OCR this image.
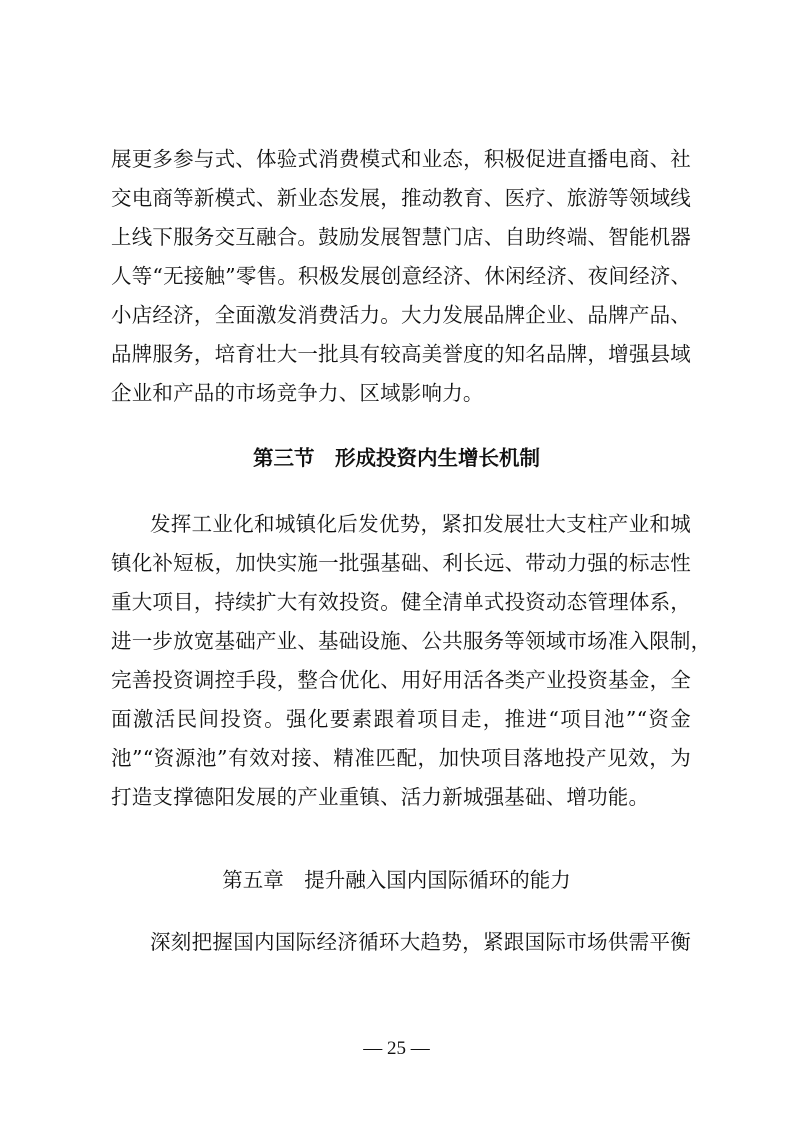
展更多参与式、体验式消费模式和业态，积极促进直播电商、社
交电商等新模式、新业态发展，推动教育、医疗、旅游等领域线
上线下服务交互融合。鼓励发展智慧门店、自助终端、智能机器
人等“无接触”零售。积极发展创意经济、休闲经济、夜间经济、
小店经济，全面激发消费活力。大力发展品牌企业、品牌产品、
品牌服务，培育壮大一批具有较高美誉度的知名品牌，增强县域
企业和产品的市场竞争力、区域影响力。
第三节　形成投资内生增长机制
发挥工业化和城镇化后发优势，紧扣发展壮大支柱产业和城
镇化补短板，加快实施一批强基础、利长远、带动力强的标志性
重大项目，持续扩大有效投资。健全清单式投资动态管理体系，
进一步放宽基础产业、基础设施、公共服务等领域市场准入限制，
完善投资调控手段，整合优化、用好用活各类产业投资基金，全
面激活民间投资。强化要素跟着项目走，推进“项目池”“资金
池”“资源池”有效对接、精准匹配，加快项目落地投产见效，为
打造支撑德阳发展的产业重镇、活力新城强基础、增功能。
第五章　提升融入国内国际循环的能力
深刻把握国内国际经济循环大趋势，紧跟国际市场供需平衡
— 25 —
